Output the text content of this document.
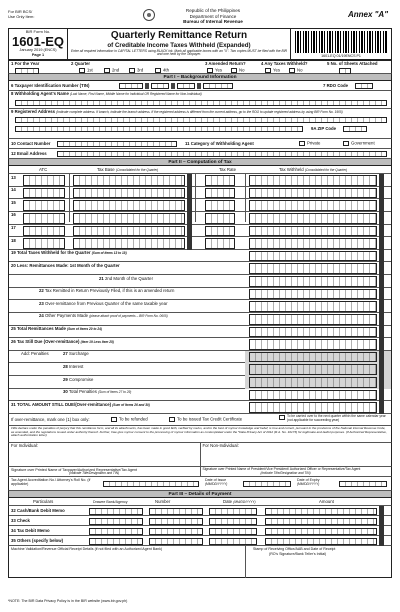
For BIR BCS/
Use Only Item:
Republic of the Philippines
Department of Finance
Bureau of Internal Revenue
Annex "A"
BIR Form No.
1601-EQ
January 2019 (ENCS)
Page 1
Quarterly Remittance Return
of Creditable Income Taxes Withheld (Expanded)
Enter all required information in CAPITAL LETTERS using BLACK ink. Mark all applicable boxes with an "X". Two copies MUST be filed with the BIR and one held by the Taxpayer.	1601-EQ 01/19ENCS P1
1 For the Year	2 Quarter
1st	2nd	3rd	4th
3 Amended Return?
Yes	No
4 Any Taxes Withheld?
Yes	No
5 No. of Sheets Attached
Part I – Background Information
6 Taxpayer Identification Number (TIN)	7 RDO Code
8 Withholding Agent's Name (Last Name, First Name, Middle Name for Individual OR Registered Name for Non-Individual)
9 Registered Address (Indicate complete address. If branch, indicate the branch address. If the registered address is different from the current address, go to the RDO to update registered address by using BIR Form No. 1905)
9A ZIP Code
10 Contact Number	11 Category of Withholding Agent	Private	Government
12 Email Address
Part II – Computation of Tax
ATC	Tax Base (Consolidated for the Quarter)	Tax Rate	Tax Withheld (Consolidated for the Quarter)
13
14
15
16
17
18
19 Total Taxes Withheld for the Quarter (Sum of Items 13 to 18)
20 Less: Remittances Made: 1st Month of the Quarter
21 2nd Month of the Quarter
22 Tax Remitted in Return Previously Filed, if this is an amended return
23 Over-remittance from Previous Quarter of the same taxable year
24 Other Payments Made (please attach proof of payments – BIR Form No. 0605)
25 Total Remittances Made (Sum of Items 20 to 24)
26 Tax Still Due (Over-remittance) (Item 19 Less Item 25)
Add: Penalties	27 Surcharge
28 Interest
29 Compromise
30 Total Penalties (Sum of Items 27 to 29)
31 TOTAL AMOUNT STILL DUE/(Over-remittance) (Sum of Items 26 and 30)
If over-remittance, mark one (1) box only:	To be refunded	To be issued Tax Credit Certificate
To be carried over to the next quarter within the same calendar year (not applicable for succeeding year)
I/We declare under the penalties of perjury that this remittance form, and all its attachments, has been made in good faith, verified by me/us, and to the best of my/our knowledge and belief, is true and correct, pursuant to the provisions of the National Internal Revenue Code, as amended, and the regulations issued under authority thereof. Further, I/we give my/our consent to the processing of my/our information as contemplated under the *Data Privacy Act of 2012 (R.A. No. 10173) for legitimate and lawful purposes. (If Authorized Representative, attach authorization letter)
For Individual:	For Non-Individual:
Signature over Printed Name of Taxpayer/Authorized Representative/Tax Agent
(Indicate Title/Designation and TIN)
Signature over Printed Name of President/Vice President/ Authorized Officer or Representative/Tax Agent
(Indicate Title/Designation and TIN)
Tax Agent Accreditation No./ Attorney's Roll No. (if applicable)
Date of Issue
(MM/DD/YYYY)
Date of Expiry
(MM/DD/YYYY)
Part III – Details of Payment
Particulars	Drawee Bank/Agency	Number	Date (MM/DD/YYYY)	Amount
32 Cash/Bank Debit Memo
33 Check
34 Tax Debit Memo
35 Others (specify below)
Machine Validation/Revenue Official Receipt Details (if not filed with an Authorized Agent Bank)	Stamp of Receiving Office/AAB and Date of Receipt
(RO's Signature/Bank Teller's Initial)
*NOTE: The BIR Data Privacy Policy is in the BIR website (www.bir.gov.ph)
